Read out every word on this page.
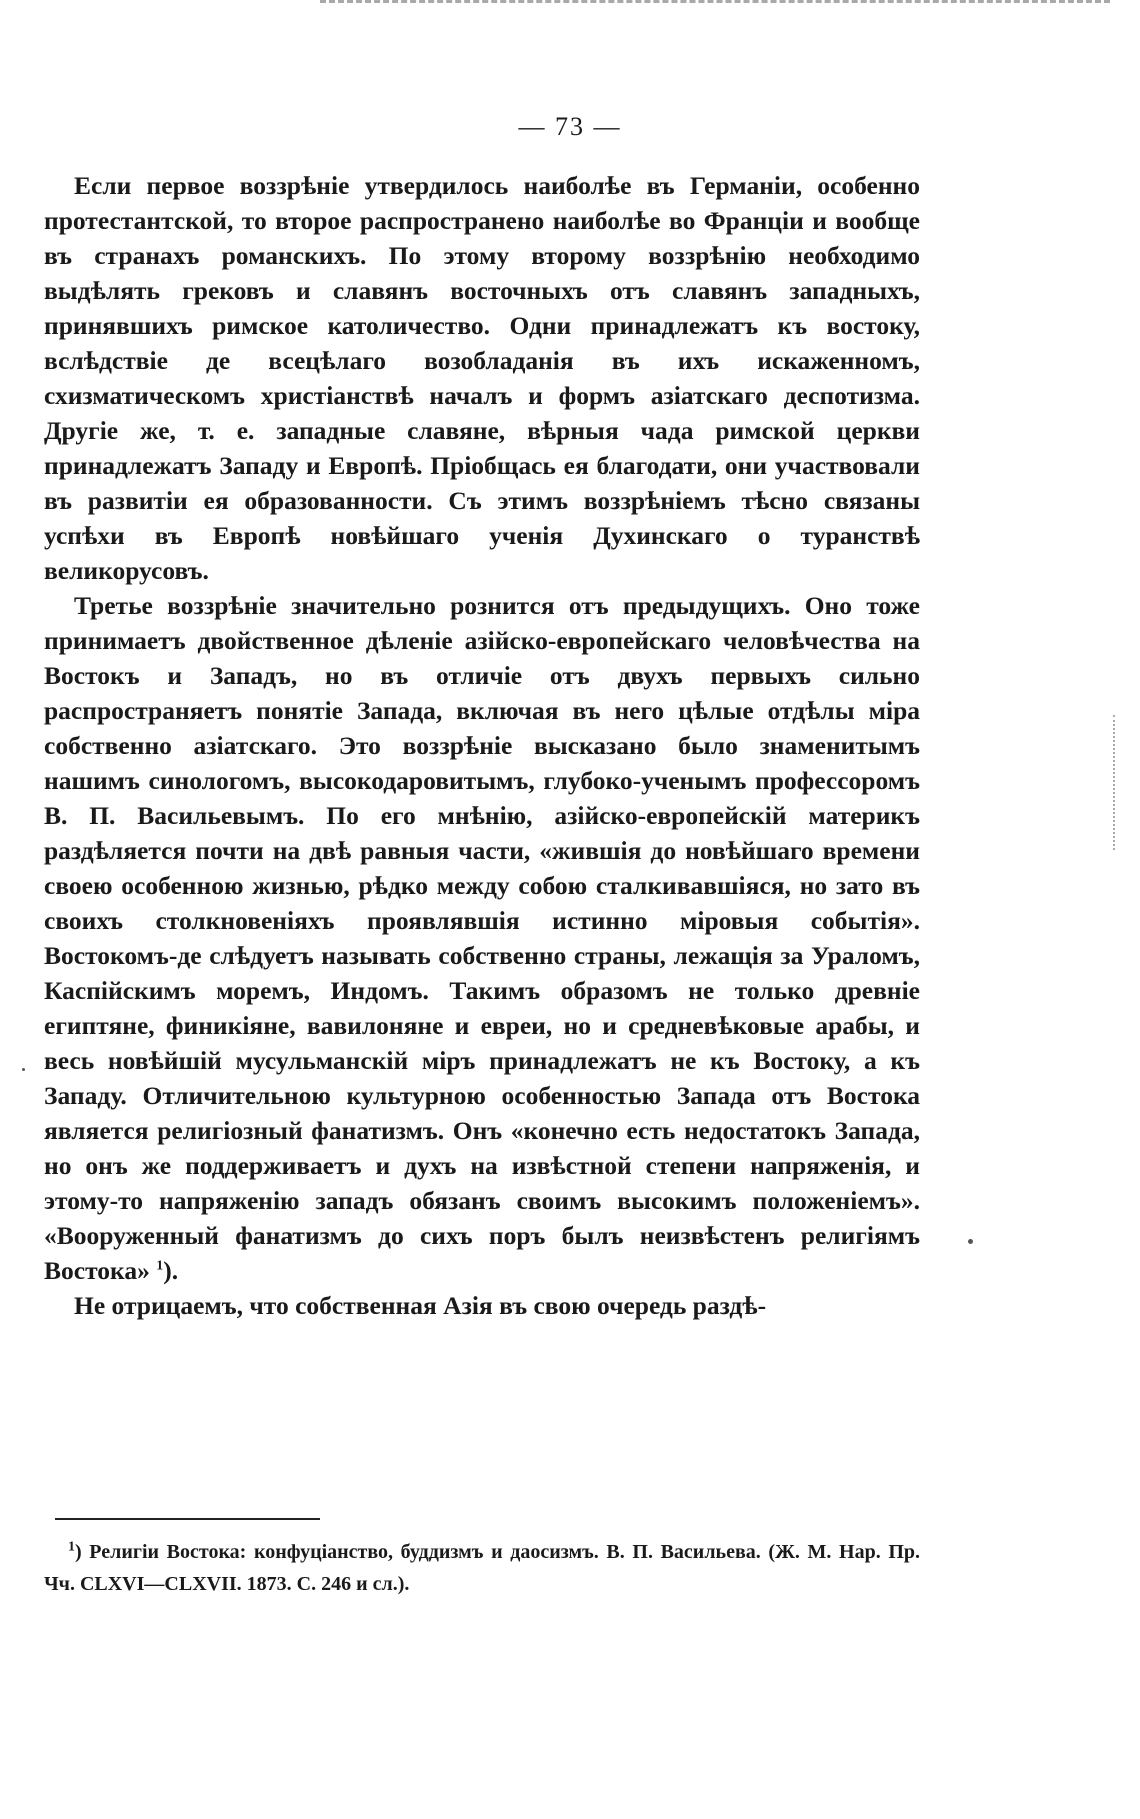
— 73 —

Если первое воззрѣніе утвердилось наиболѣе въ Германіи, особенно протестантской, то второе распространено наиболѣе во Франціи и вообще въ странахъ романскихъ. По этому второму воззрѣнію необходимо выдѣлять грековъ и славянъ восточныхъ отъ славянъ западныхъ, принявшихъ римское католичество. Одни принадлежатъ къ востоку, вслѣдствіе де всецѣлаго возобладанія въ ихъ искаженномъ, схизматическомъ христіанствѣ началъ и формъ азіатскаго деспотизма. Другіе же, т. е. западные славяне, вѣрныя чада римской церкви принадлежатъ Западу и Европѣ. Пріобщась ея благодати, они участвовали въ развитіи ея образованности. Съ этимъ воззрѣніемъ тѣсно связаны успѣхи въ Европѣ новѣйшаго ученія Духинскаго о туранствѣ великорусовъ.

Третье воззрѣніе значительно рознится отъ предыдущихъ. Оно тоже принимаетъ двойственное дѣленіе азійско-европейскаго человѣчества на Востокъ и Западъ, но въ отличіе отъ двухъ первыхъ сильно распространяетъ понятіе Запада, включая въ него цѣлые отдѣлы міра собственно азіатскаго. Это воззрѣніе высказано было знаменитымъ нашимъ синологомъ, высокодаровитымъ, глубоко-ученымъ профессоромъ В. П. Васильевымъ. По его мнѣнію, азійско-европейскій материкъ раздѣляется почти на двѣ равныя части, «жившія до новѣйшаго времени своею особенною жизнью, рѣдко между собою сталкивавшіяся, но зато въ своихъ столкновеніяхъ проявлявшія истинно міровыя событія». Востокомъ-де слѣдуетъ называть собственно страны, лежащія за Ураломъ, Каспійскимъ моремъ, Индомъ. Такимъ образомъ не только древніе египтяне, финикіяне, вавилоняне и евреи, но и средневѣковые арабы, и весь новѣйшій мусульманскій міръ принадлежатъ не къ Востоку, а къ Западу. Отличительною культурною особенностью Запада отъ Востока является религіозный фанатизмъ. Онъ «конечно есть недостатокъ Запада, но онъ же поддерживаетъ и духъ на извѣстной степени напряженія, и этому-то напряженію западъ обязанъ своимъ высокимъ положеніемъ». «Вооруженный фанатизмъ до сихъ поръ былъ неизвѣстенъ религіямъ Востока» $^1$).

Не отрицаемъ, что собственная Азія въ свою очередь раздѣ-

$^1$) Религіи Востока: конфуціанство, буддизмъ и даосизмъ. В. П. Васильева. (Ж. М. Нар. Пр. Чч. CLXVI—CLXVII. 1873. С. 246 и сл.).
